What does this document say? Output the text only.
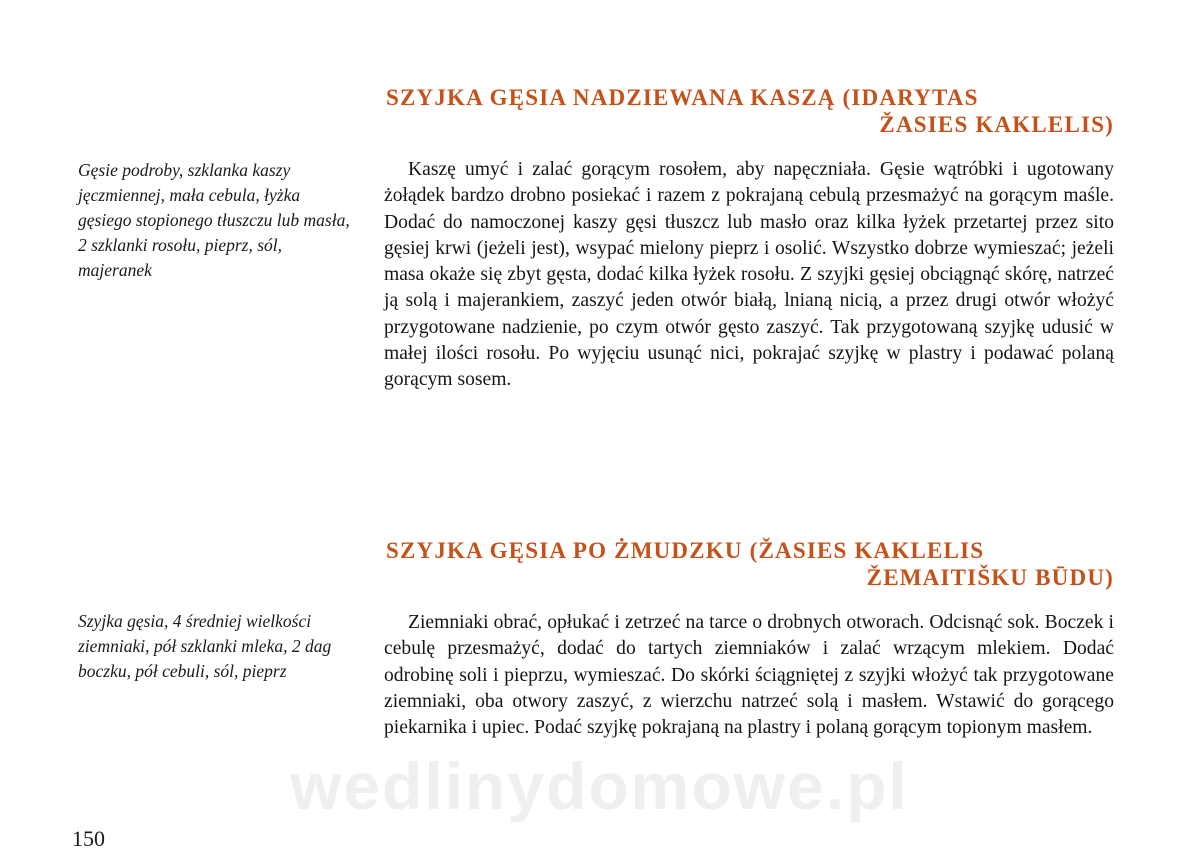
SZYJKA GĘSIA NADZIEWANA KASZĄ (IDARYTAS
ŽASIES KAKLELIS)

Gęsie podroby, szklanka kaszy jęczmiennej, mała cebula, łyżka gęsiego stopionego tłuszczu lub masła, 2 szklanki rosołu, pieprz, sól, majeranek

Kaszę umyć i zalać gorącym rosołem, aby napęczniała. Gęsie wątróbki i ugotowany żołądek bardzo drobno posiekać i razem z pokrajaną cebulą przesmażyć na gorącym maśle. Dodać do namoczonej kaszy gęsi tłuszcz lub masło oraz kilka łyżek przetartej przez sito gęsiej krwi (jeżeli jest), wsypać mielony pieprz i osolić. Wszystko dobrze wymieszać; jeżeli masa okaże się zbyt gęsta, dodać kilka łyżek rosołu. Z szyjki gęsiej obciągnąć skórę, natrzeć ją solą i majerankiem, zaszyć jeden otwór białą, lnianą nicią, a przez drugi otwór włożyć przygotowane nadzienie, po czym otwór gęsto zaszyć. Tak przygotowaną szyjkę udusić w małej ilości rosołu. Po wyjęciu usunąć nici, pokrajać szyjkę w plastry i podawać polaną gorącym sosem.

SZYJKA GĘSIA PO ŻMUDZKU (ŽASIES KAKLELIS
ŽEMAITIŠKU BŪDU)

Szyjka gęsia, 4 średniej wielkości ziemniaki, pół szklanki mleka, 2 dag boczku, pół cebuli, sól, pieprz

Ziemniaki obrać, opłukać i zetrzeć na tarce o drobnych otworach. Odcisnąć sok. Boczek i cebulę przesmażyć, dodać do tartych ziemniaków i zalać wrzącym mlekiem. Dodać odrobinę soli i pieprzu, wymieszać. Do skórki ściągniętej z szyjki włożyć tak przygotowane ziemniaki, oba otwory zaszyć, z wierzchu natrzeć solą i masłem. Wstawić do gorącego piekarnika i upiec. Podać szyjkę pokrajaną na plastry i polaną gorącym topionym masłem.

wedlinydomowe.pl

150
